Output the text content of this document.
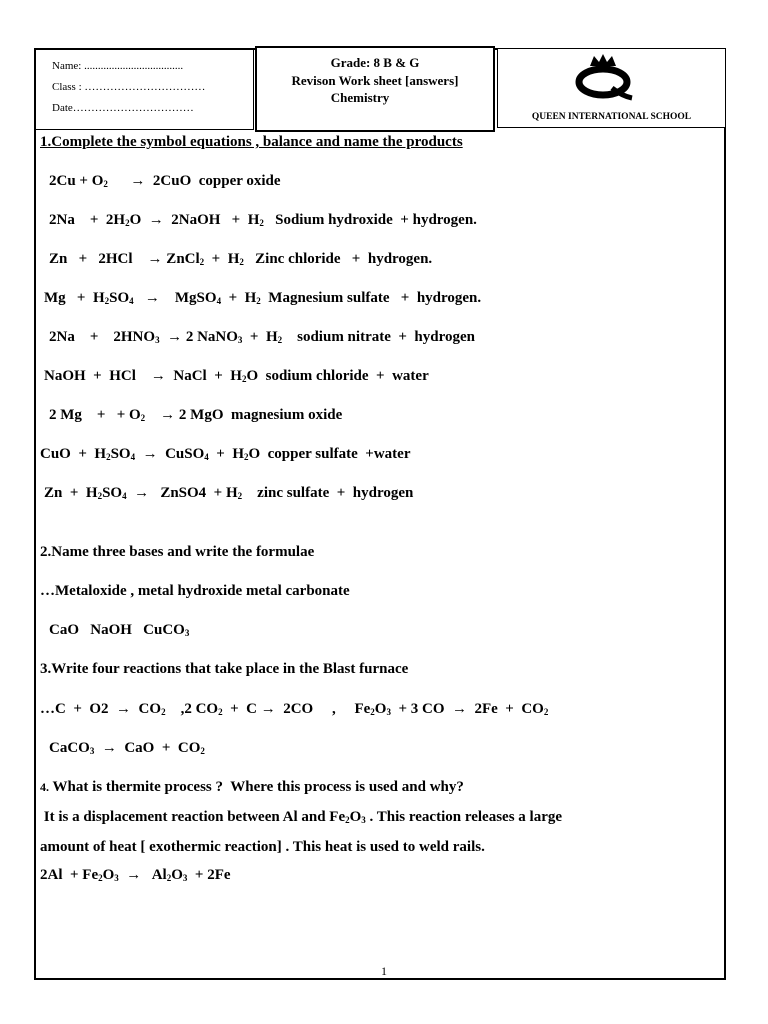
Name: ....................................
Class : ……………………………
Date……………………………
Grade: 8 B & G
Revison Work sheet [answers]
Chemistry
QUEEN INTERNATIONAL SCHOOL
1.Complete the symbol equations , balance and name the products
$2Cu + O_2$      →  2CuO  copper oxide
2Na    +  $2H_2O$  →  2NaOH   +  $H_2$   Sodium hydroxide  + hydrogen.
Zn   +   2HCl    → ZnCl$_2$  +  $H_2$   Zinc chloride   +  hydrogen.
$Mg + H_2SO_4$   →    MgSO$_4$  +  $H_2$  Magnesium sulfate   +  hydrogen.
2Na    +    $2HNO_3 \to 2$ NaNO$_3$  +  $H_2$    sodium nitrate  +  hydrogen
NaOH  +  HCl    →  NaCl  +  $H_2O$  sodium chloride  +  water
2 Mg    +   + $O_2$    → 2 MgO  magnesium oxide
CuO  +  $H_2SO_4$  →  CuSO$_4$  +  $H_2O$  copper sulfate  +water
$Zn + H_2SO_4$  →   ZnSO4  + $H_2$    zinc sulfate  +  hydrogen
2.Name three bases and write the formulae
…Metaloxide , metal hydroxide metal carbonate
CaO   NaOH   CuCO$_3$
3.Write four reactions that take place in the Blast furnace
…C  +  $O2 \to CO_2$    ,2 $CO_2 + C \to 2CO$     ,     $Fe_2O_3 + 3$ CO  →  $2Fe + CO_2$
CaCO$_3$  →  CaO  +  $CO_2$
4. What is thermite process ?  Where this process is used and why?
It is a displacement reaction between Al and $Fe_2O_3$ . This reaction releases a large
amount of heat [ exothermic reaction] . This heat is used to weld rails.
$2Al + Fe_2O_3 \to Al_2O_3 + 2Fe$
1
